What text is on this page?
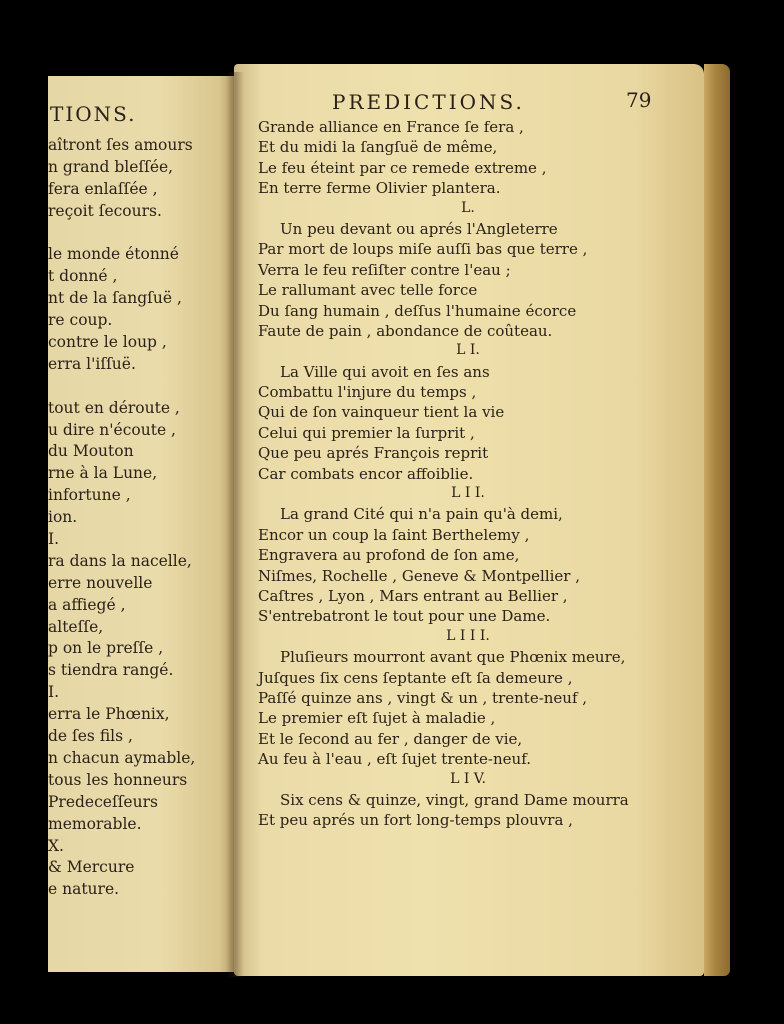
TIONS.
aîtront ſes amours
n grand bleſſée,
fera enlaſſée ,
reçoit ſecours.
le monde étonné
t donné ,
nt de la ſangſuë ,
re coup.
contre le loup ,
erra l'iſſuë.
tout en déroute ,
u dire n'écoute ,
du Mouton
rne à la Lune,
infortune ,
ion.
I.
ra dans la nacelle,
erre nouvelle
a affiegé ,
alteſſe,
p on le preſſe ,
s tiendra rangé.
I.
erra le Phœnix,
de ſes fils ,
n chacun aymable,
tous les honneurs
Predeceſſeurs
memorable.
X.
& Mercure
e nature.
PREDICTIONS.	79
Grande alliance en France ſe fera ,
Et du midi la ſangſuë de même,
Le feu éteint par ce remede extreme ,
En terre ferme Olivier plantera.
L.
Un peu devant ou aprés l'Angleterre
Par mort de loups miſe auſſi bas que terre ,
Verra le feu reſiſter contre l'eau ;
Le rallumant avec telle force
Du ſang humain , deſſus l'humaine écorce
Faute de pain , abondance de coûteau.
L I.
La Ville qui avoit en ſes ans
Combattu l'injure du temps ,
Qui de ſon vainqueur tient la vie
Celui qui premier la ſurprit ,
Que peu aprés François reprit
Car combats encor affoiblie.
L I I.
La grand Cité qui n'a pain qu'à demi,
Encor un coup la ſaint Berthelemy ,
Engravera au profond de ſon ame,
Niſmes, Rochelle , Geneve & Montpellier ,
Caſtres , Lyon , Mars entrant au Bellier ,
S'entrebatront le tout pour une Dame.
L I I I.
Pluſieurs mourront avant que Phœnix meure,
Juſques ſix cens ſeptante eſt ſa demeure ,
Paſſé quinze ans , vingt & un , trente-neuf ,
Le premier eſt ſujet à maladie ,
Et le ſecond au fer , danger de vie,
Au feu à l'eau , eſt ſujet trente-neuf.
L I V.
Six cens & quinze, vingt, grand Dame mourra
Et peu aprés un fort long-temps plouvra ,
